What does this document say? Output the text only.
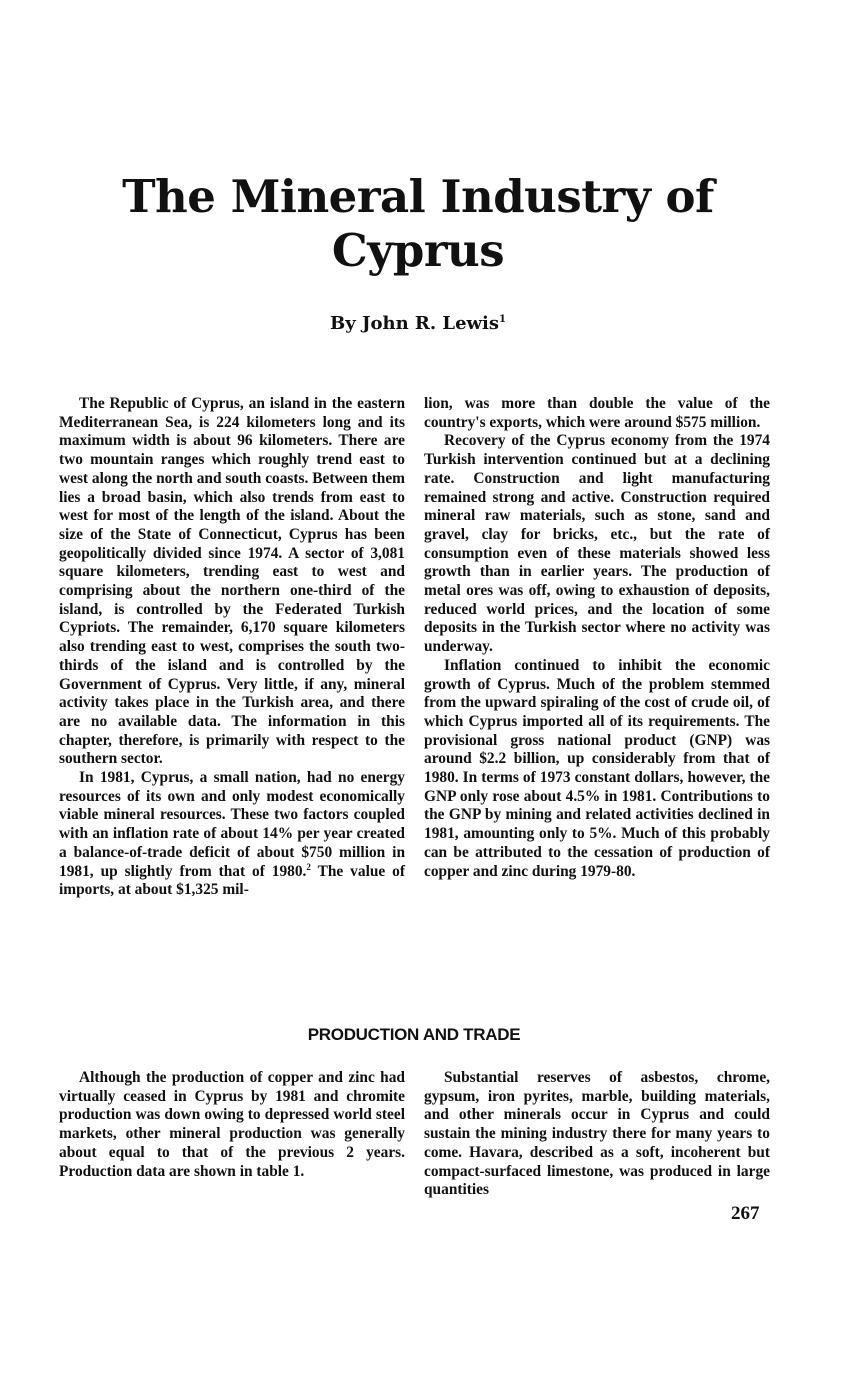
The Mineral Industry of
Cyprus

By John R. Lewis$^1$

The Republic of Cyprus, an island in the eastern Mediterranean Sea, is 224 kilometers long and its maximum width is about 96 kilometers. There are two mountain ranges which roughly trend east to west along the north and south coasts. Between them lies a broad basin, which also trends from east to west for most of the length of the island. About the size of the State of Connecticut, Cyprus has been geopolitically divided since 1974. A sector of 3,081 square kilometers, trending east to west and comprising about the northern one-third of the island, is controlled by the Federated Turkish Cypriots. The remainder, 6,170 square kilometers also trending east to west, comprises the south two-thirds of the island and is controlled by the Government of Cyprus. Very little, if any, mineral activity takes place in the Turkish area, and there are no available data. The information in this chapter, therefore, is primarily with respect to the southern sector.

In 1981, Cyprus, a small nation, had no energy resources of its own and only modest economically viable mineral resources. These two factors coupled with an inflation rate of about 14% per year created a balance-of-trade deficit of about $750 million in 1981, up slightly from that of 1980.$^2$ The value of imports, at about $1,325 mil-

lion, was more than double the value of the country's exports, which were around $575 million.

Recovery of the Cyprus economy from the 1974 Turkish intervention continued but at a declining rate. Construction and light manufacturing remained strong and active. Construction required mineral raw materials, such as stone, sand and gravel, clay for bricks, etc., but the rate of consumption even of these materials showed less growth than in earlier years. The production of metal ores was off, owing to exhaustion of deposits, reduced world prices, and the location of some deposits in the Turkish sector where no activity was underway.

Inflation continued to inhibit the economic growth of Cyprus. Much of the problem stemmed from the upward spiraling of the cost of crude oil, of which Cyprus imported all of its requirements. The provisional gross national product (GNP) was around $2.2 billion, up considerably from that of 1980. In terms of 1973 constant dollars, however, the GNP only rose about 4.5% in 1981. Contributions to the GNP by mining and related activities declined in 1981, amounting only to 5%. Much of this probably can be attributed to the cessation of production of copper and zinc during 1979-80.

PRODUCTION AND TRADE

Although the production of copper and zinc had virtually ceased in Cyprus by 1981 and chromite production was down owing to depressed world steel markets, other mineral production was generally about equal to that of the previous 2 years. Production data are shown in table 1.

Substantial reserves of asbestos, chrome, gypsum, iron pyrites, marble, building materials, and other minerals occur in Cyprus and could sustain the mining industry there for many years to come. Havara, described as a soft, incoherent but compact-surfaced limestone, was produced in large quantities

267
